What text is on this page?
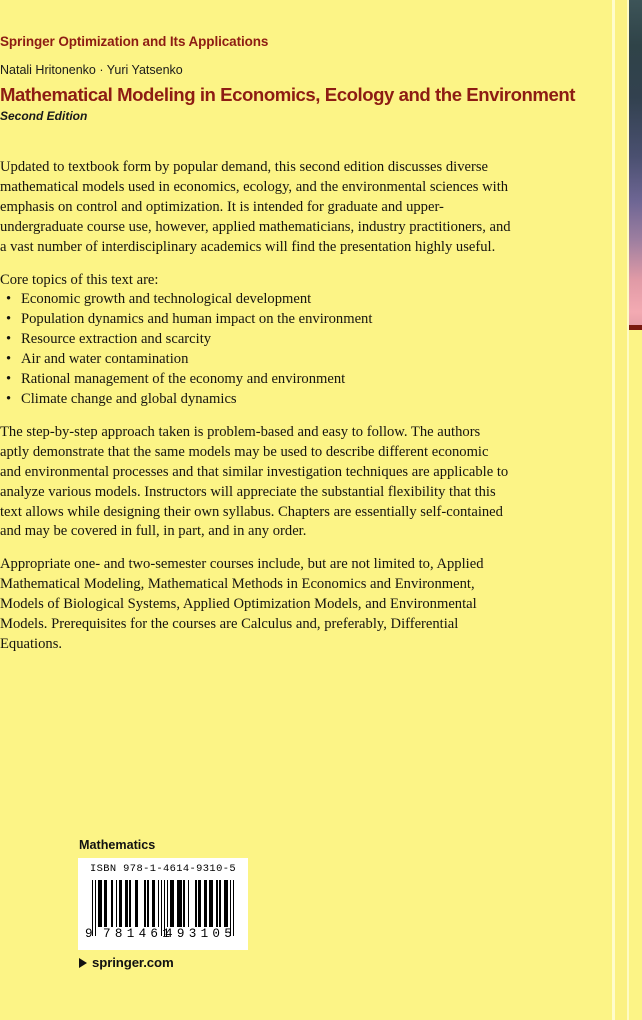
Springer Optimization and Its Applications
Natali Hritonenko · Yuri Yatsenko
Mathematical Modeling in Economics, Ecology and the Environment
Second Edition

Updated to textbook form by popular demand, this second edition discusses diverse mathematical models used in economics, ecology, and the environmental sciences with emphasis on control and optimization. It is intended for graduate and upper-undergraduate course use, however, applied mathematicians, industry practitioners, and a vast number of interdisciplinary academics will find the presentation highly useful.

Core topics of this text are:

• Economic growth and technological development
• Population dynamics and human impact on the environment
• Resource extraction and scarcity
• Air and water contamination
• Rational management of the economy and environment
• Climate change and global dynamics

The step-by-step approach taken is problem-based and easy to follow. The authors aptly demonstrate that the same models may be used to describe different economic and environmental processes and that similar investigation techniques are applicable to analyze various models. Instructors will appreciate the substantial flexibility that this text allows while designing their own syllabus. Chapters are essentially self-contained and may be covered in full, in part, and in any order.

Appropriate one- and two-semester courses include, but are not limited to, Applied Mathematical Modeling, Mathematical Methods in Economics and Environment, Models of Biological Systems, Applied Optimization Models, and Environmental Models. Prerequisites for the courses are Calculus and, preferably, Differential Equations.

Mathematics
ISBN 978-1-4614-9310-5
9 781461
493105
springer.com
